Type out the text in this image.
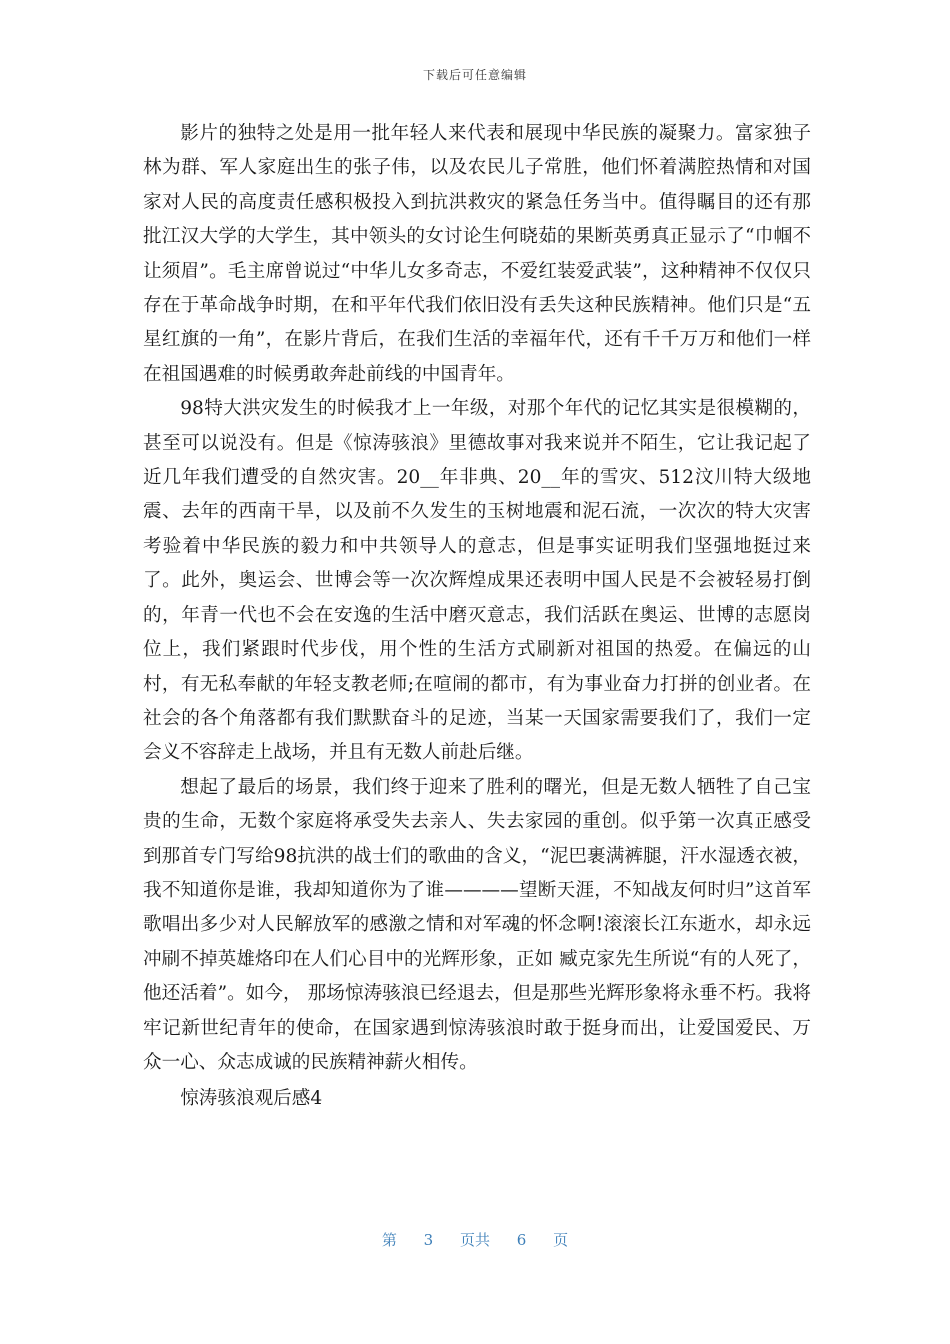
下载后可任意编辑

影片的独特之处是用一批年轻人来代表和展现中华民族的凝聚力。富家独子林为群、军人家庭出生的张子伟，以及农民儿子常胜，他们怀着满腔热情和对国家对人民的高度责任感积极投入到抗洪救灾的紧急任务当中。值得瞩目的还有那批江汉大学的大学生，其中领头的女讨论生何晓茹的果断英勇真正显示了“巾帼不让须眉”。毛主席曾说过“中华儿女多奇志，不爱红装爱武装”，这种精神不仅仅只存在于革命战争时期，在和平年代我们依旧没有丢失这种民族精神。他们只是“五星红旗的一角”，在影片背后，在我们生活的幸福年代，还有千千万万和他们一样在祖国遇难的时候勇敢奔赴前线的中国青年。

98特大洪灾发生的时候我才上一年级，对那个年代的记忆其实是很模糊的，甚至可以说没有。但是《惊涛骇浪》里德故事对我来说并不陌生，它让我记起了近几年我们遭受的自然灾害。20__年非典、20__年的雪灾、512汶川特大级地震、去年的西南干旱，以及前不久发生的玉树地震和泥石流，一次次的特大灾害考验着中华民族的毅力和中共领导人的意志，但是事实证明我们坚强地挺过来了。此外，奥运会、世博会等一次次辉煌成果还表明中国人民是不会被轻易打倒的，年青一代也不会在安逸的生活中磨灭意志，我们活跃在奥运、世博的志愿岗位上，我们紧跟时代步伐，用个性的生活方式刷新对祖国的热爱。在偏远的山村，有无私奉献的年轻支教老师;在喧闹的都市，有为事业奋力打拼的创业者。在社会的各个角落都有我们默默奋斗的足迹，当某一天国家需要我们了，我们一定会义不容辞走上战场，并且有无数人前赴后继。

想起了最后的场景，我们终于迎来了胜利的曙光，但是无数人牺牲了自己宝贵的生命，无数个家庭将承受失去亲人、失去家园的重创。似乎第一次真正感受到那首专门写给98抗洪的战士们的歌曲的含义，“泥巴裹满裤腿，汗水湿透衣被，我不知道你是谁，我却知道你为了谁————望断天涯，不知战友何时归”这首军歌唱出多少对人民解放军的感激之情和对军魂的怀念啊!滚滚长江东逝水，却永远冲刷不掉英雄烙印在人们心目中的光辉形象，正如 臧克家先生所说“有的人死了，他还活着”。如今， 那场惊涛骇浪已经退去，但是那些光辉形象将永垂不朽。我将牢记新世纪青年的使命，在国家遇到惊涛骇浪时敢于挺身而出，让爱国爱民、万众一心、众志成诚的民族精神薪火相传。

惊涛骇浪观后感4

第 3 页共 6 页
